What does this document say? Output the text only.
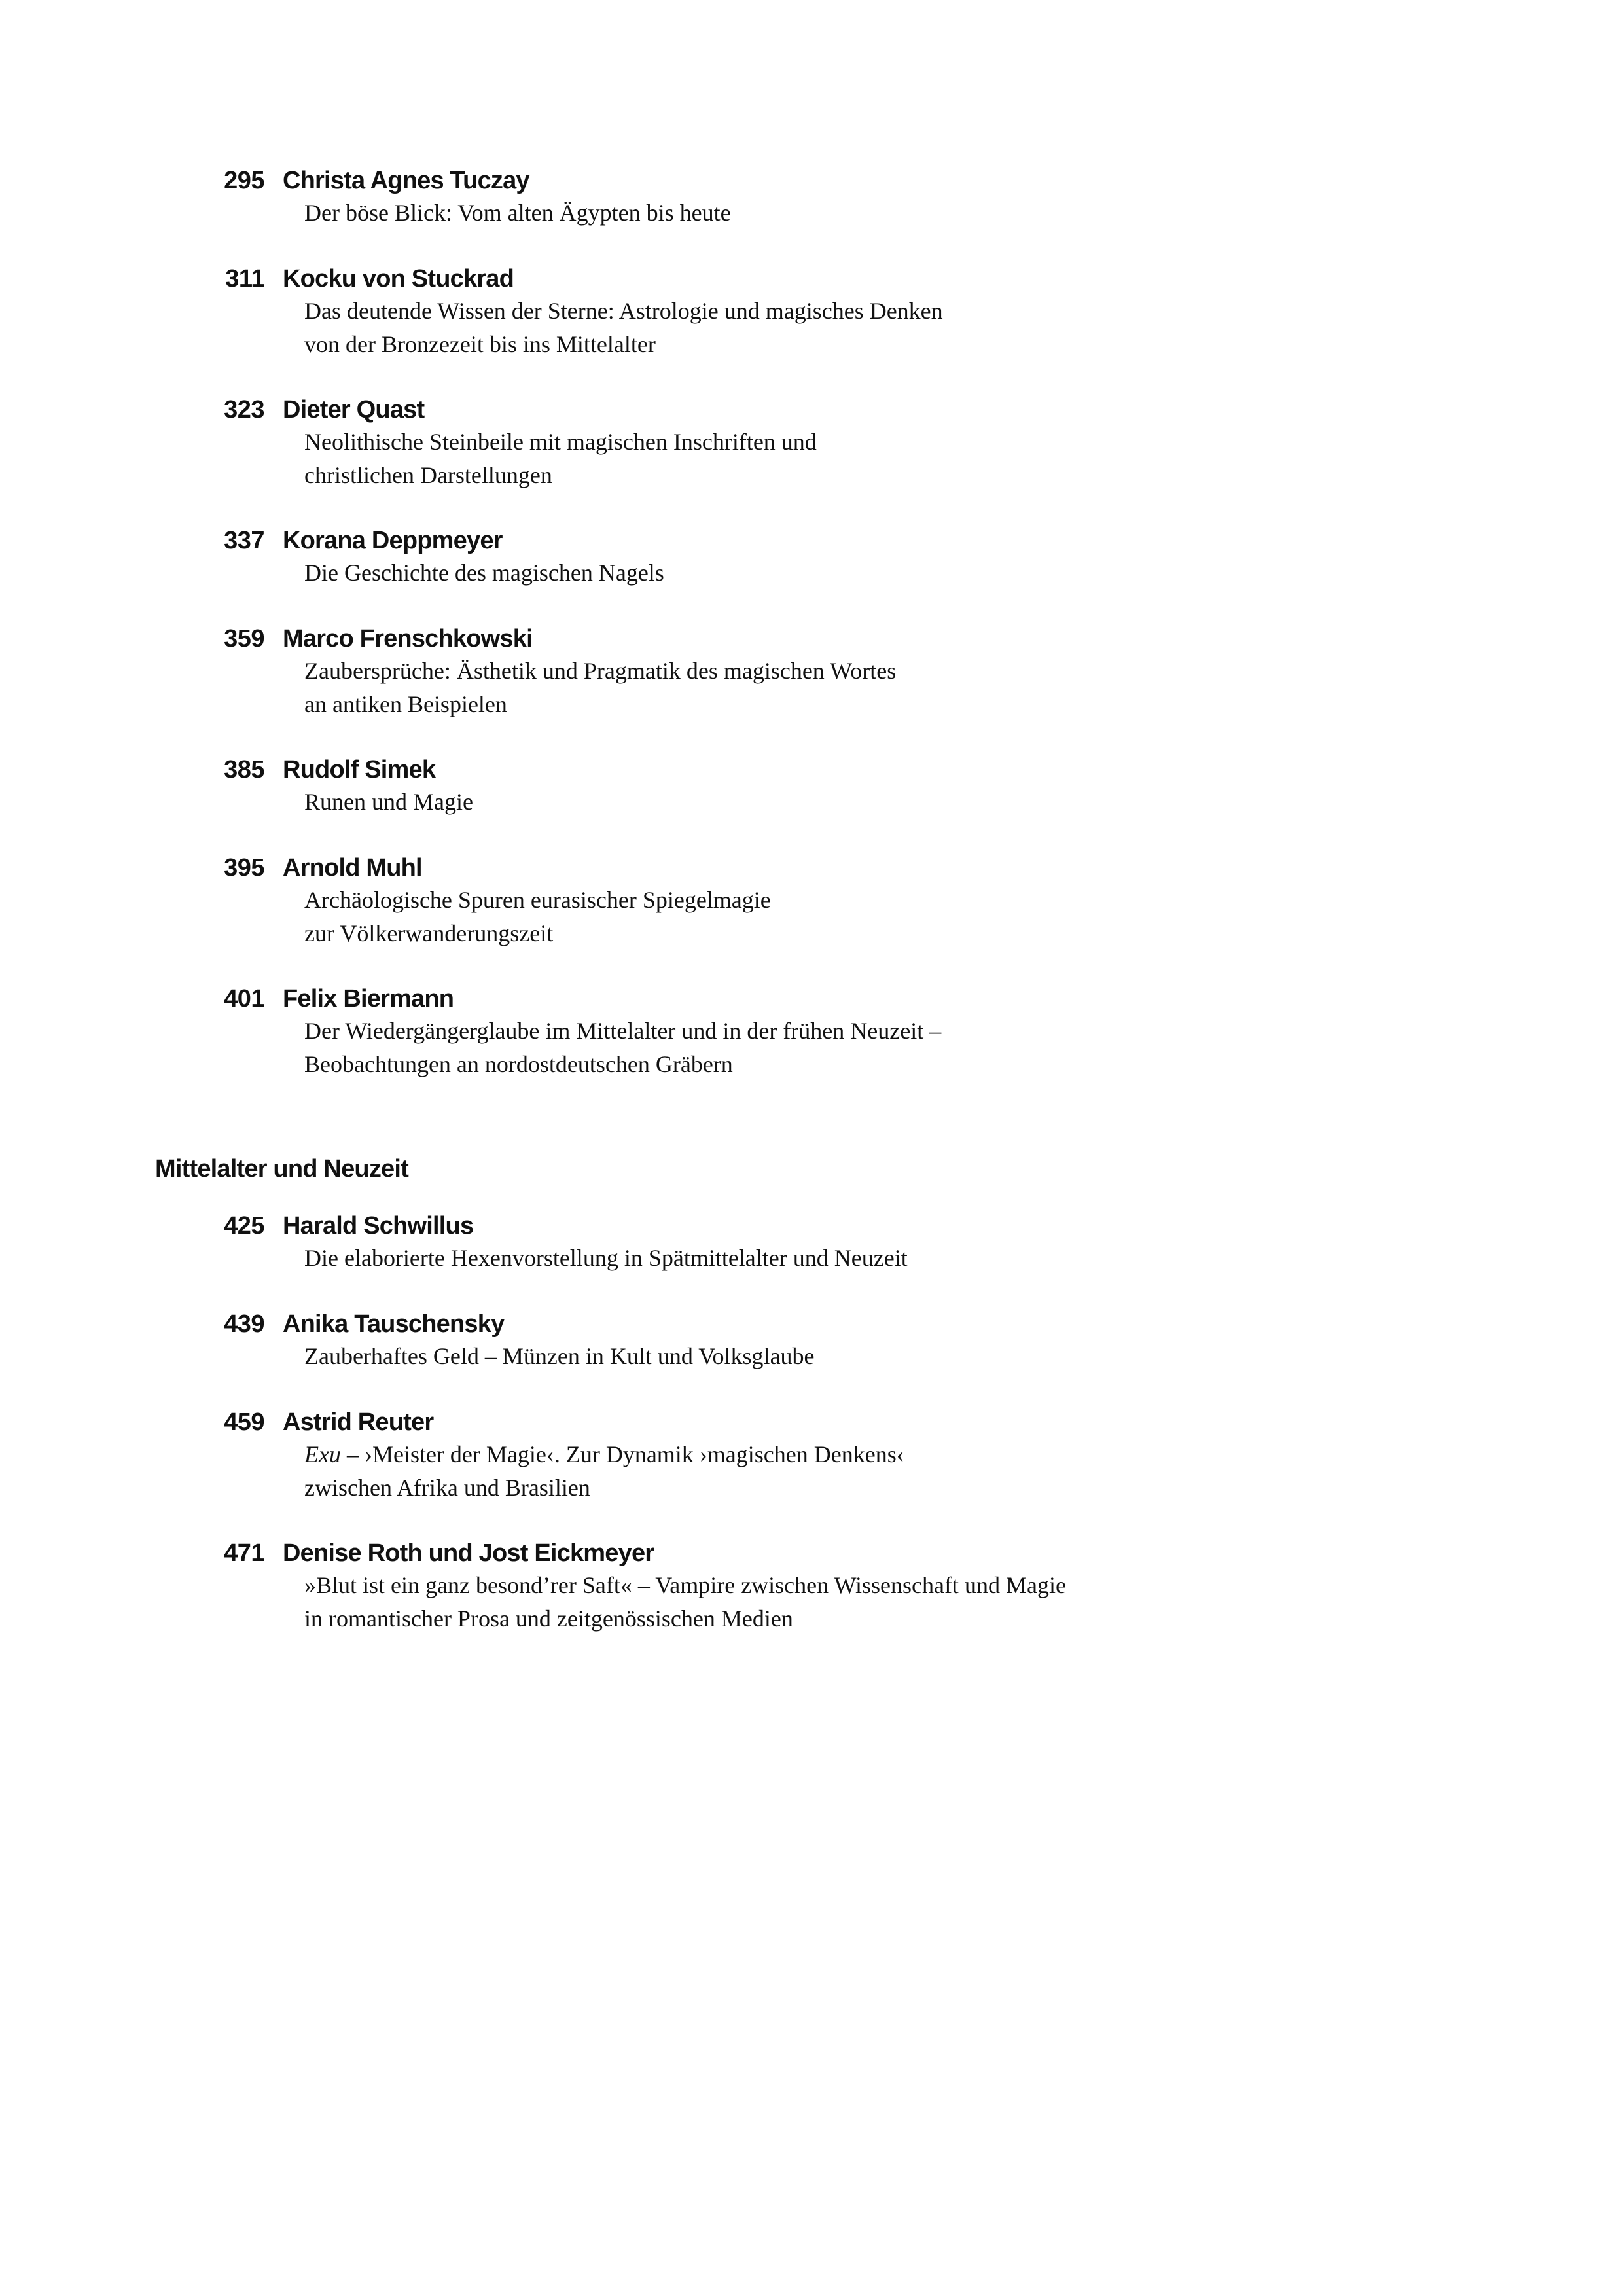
295 Christa Agnes Tuczay

Der böse Blick: Vom alten Ägypten bis heute

311 Kocku von Stuckrad

Das deutende Wissen der Sterne: Astrologie und magisches Denken
von der Bronzezeit bis ins Mittelalter

323 Dieter Quast

Neolithische Steinbeile mit magischen Inschriften und
christlichen Darstellungen

337 Korana Deppmeyer

Die Geschichte des magischen Nagels

359 Marco Frenschkowski

Zaubersprüche: Ästhetik und Pragmatik des magischen Wortes
an antiken Beispielen

385 Rudolf Simek

Runen und Magie

395 Arnold Muhl

Archäologische Spuren eurasischer Spiegelmagie
zur Völkerwanderungszeit

401 Felix Biermann

Der Wiedergängerglaube im Mittelalter und in der frühen Neuzeit –
Beobachtungen an nordostdeutschen Gräbern

Mittelalter und Neuzeit
425 Harald Schwillus

Die elaborierte Hexenvorstellung in Spätmittelalter und Neuzeit

439 Anika Tauschensky

Zauberhaftes Geld – Münzen in Kult und Volksglaube

459 Astrid Reuter

Exu – ›Meister der Magie‹. Zur Dynamik ›magischen Denkens‹
zwischen Afrika und Brasilien

471 Denise Roth und Jost Eickmeyer

»Blut ist ein ganz besond’rer Saft« – Vampire zwischen Wissenschaft und Magie
in romantischer Prosa und zeitgenössischen Medien
